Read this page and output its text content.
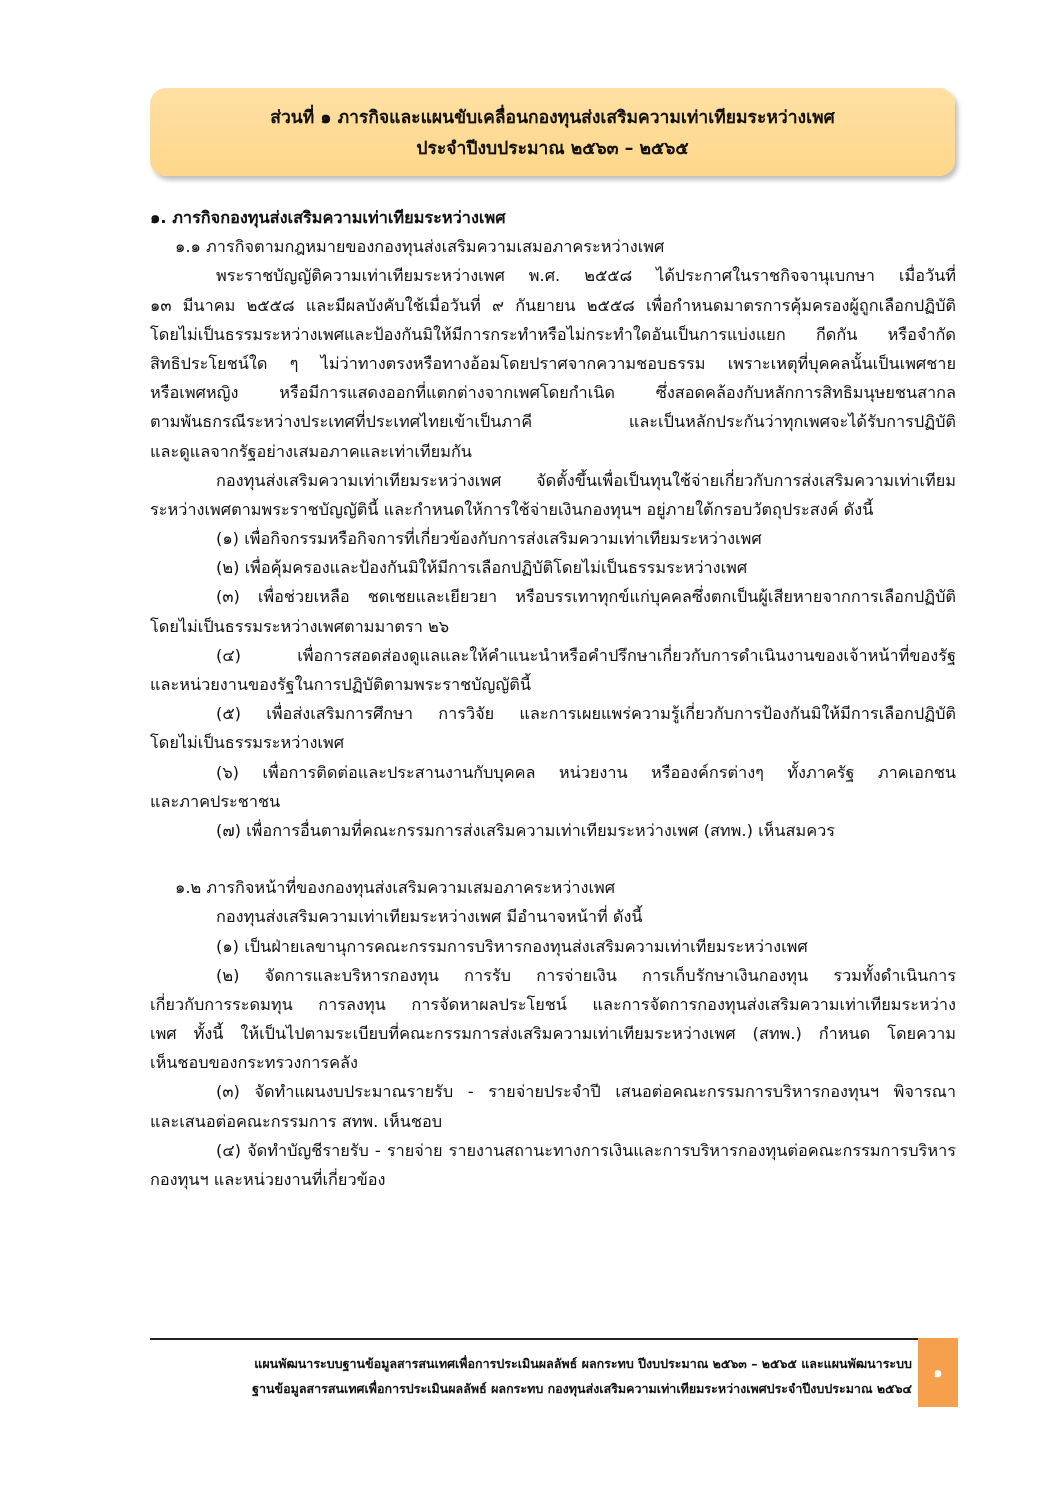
ส่วนที่ ๑ ภารกิจและแผนขับเคลื่อนกองทุนส่งเสริมความเท่าเทียมระหว่างเพศ
ประจำปีงบประมาณ ๒๕๖๓ – ๒๕๖๕
๑. ภารกิจกองทุนส่งเสริมความเท่าเทียมระหว่างเพศ
๑.๑ ภารกิจตามกฎหมายของกองทุนส่งเสริมความเสมอภาคระหว่างเพศ
พระราชบัญญัติความเท่าเทียมระหว่างเพศ พ.ศ. ๒๕๕๘ ได้ประกาศในราชกิจจานุเบกษา เมื่อวันที่
๑๓ มีนาคม ๒๕๕๘ และมีผลบังคับใช้เมื่อวันที่ ๙ กันยายน ๒๕๕๘ เพื่อกำหนดมาตรการคุ้มครองผู้ถูกเลือกปฏิบัติ
โดยไม่เป็นธรรมระหว่างเพศและป้องกันมิให้มีการกระทำหรือไม่กระทำใดอันเป็นการแบ่งแยก กีดกัน หรือจำกัด
สิทธิประโยชน์ใด ๆ ไม่ว่าทางตรงหรือทางอ้อมโดยปราศจากความชอบธรรม เพราะเหตุที่บุคคลนั้นเป็นเพศชาย
หรือเพศหญิง หรือมีการแสดงออกที่แตกต่างจากเพศโดยกำเนิด ซึ่งสอดคล้องกับหลักการสิทธิมนุษยชนสากล
ตามพันธกรณีระหว่างประเทศที่ประเทศไทยเข้าเป็นภาคี และเป็นหลักประกันว่าทุกเพศจะได้รับการปฏิบัติ
และดูแลจากรัฐอย่างเสมอภาคและเท่าเทียมกัน
กองทุนส่งเสริมความเท่าเทียมระหว่างเพศ จัดตั้งขึ้นเพื่อเป็นทุนใช้จ่ายเกี่ยวกับการส่งเสริมความเท่าเทียม
ระหว่างเพศตามพระราชบัญญัตินี้ และกำหนดให้การใช้จ่ายเงินกองทุนฯ อยู่ภายใต้กรอบวัตถุประสงค์ ดังนี้
(๑) เพื่อกิจกรรมหรือกิจการที่เกี่ยวข้องกับการส่งเสริมความเท่าเทียมระหว่างเพศ
(๒) เพื่อคุ้มครองและป้องกันมิให้มีการเลือกปฏิบัติโดยไม่เป็นธรรมระหว่างเพศ
(๓) เพื่อช่วยเหลือ ชดเชยและเยียวยา หรือบรรเทาทุกข์แก่บุคคลซึ่งตกเป็นผู้เสียหายจากการเลือกปฏิบัติ
โดยไม่เป็นธรรมระหว่างเพศตามมาตรา ๒๖
(๔) เพื่อการสอดส่องดูแลและให้คำแนะนำหรือคำปรึกษาเกี่ยวกับการดำเนินงานของเจ้าหน้าที่ของรัฐ
และหน่วยงานของรัฐในการปฏิบัติตามพระราชบัญญัตินี้
(๕) เพื่อส่งเสริมการศึกษา การวิจัย และการเผยแพร่ความรู้เกี่ยวกับการป้องกันมิให้มีการเลือกปฏิบัติ
โดยไม่เป็นธรรมระหว่างเพศ
(๖) เพื่อการติดต่อและประสานงานกับบุคคล หน่วยงาน หรือองค์กรต่างๆ ทั้งภาครัฐ ภาคเอกชน
และภาคประชาชน
(๗) เพื่อการอื่นตามที่คณะกรรมการส่งเสริมความเท่าเทียมระหว่างเพศ (สทพ.) เห็นสมควร
๑.๒ ภารกิจหน้าที่ของกองทุนส่งเสริมความเสมอภาคระหว่างเพศ
กองทุนส่งเสริมความเท่าเทียมระหว่างเพศ มีอำนาจหน้าที่ ดังนี้
(๑) เป็นฝ่ายเลขานุการคณะกรรมการบริหารกองทุนส่งเสริมความเท่าเทียมระหว่างเพศ
(๒) จัดการและบริหารกองทุน การรับ การจ่ายเงิน การเก็บรักษาเงินกองทุน รวมทั้งดำเนินการ
เกี่ยวกับการระดมทุน การลงทุน การจัดหาผลประโยชน์ และการจัดการกองทุนส่งเสริมความเท่าเทียมระหว่าง
เพศ ทั้งนี้ ให้เป็นไปตามระเบียบที่คณะกรรมการส่งเสริมความเท่าเทียมระหว่างเพศ (สทพ.) กำหนด โดยความ
เห็นชอบของกระทรวงการคลัง
(๓) จัดทำแผนงบประมาณรายรับ - รายจ่ายประจำปี เสนอต่อคณะกรรมการบริหารกองทุนฯ พิจารณา
และเสนอต่อคณะกรรมการ สทพ. เห็นชอบ
(๔) จัดทำบัญชีรายรับ - รายจ่าย รายงานสถานะทางการเงินและการบริหารกองทุนต่อคณะกรรมการบริหาร
กองทุนฯ และหน่วยงานที่เกี่ยวข้อง
แผนพัฒนาระบบฐานข้อมูลสารสนเทศเพื่อการประเมินผลลัพธ์ ผลกระทบ ปีงบประมาณ ๒๕๖๓ – ๒๕๖๕ และแผนพัฒนาระบบ
ฐานข้อมูลสารสนเทศเพื่อการประเมินผลลัพธ์ ผลกระทบ กองทุนส่งเสริมความเท่าเทียมระหว่างเพศประจำปีงบประมาณ ๒๕๖๔
๑
